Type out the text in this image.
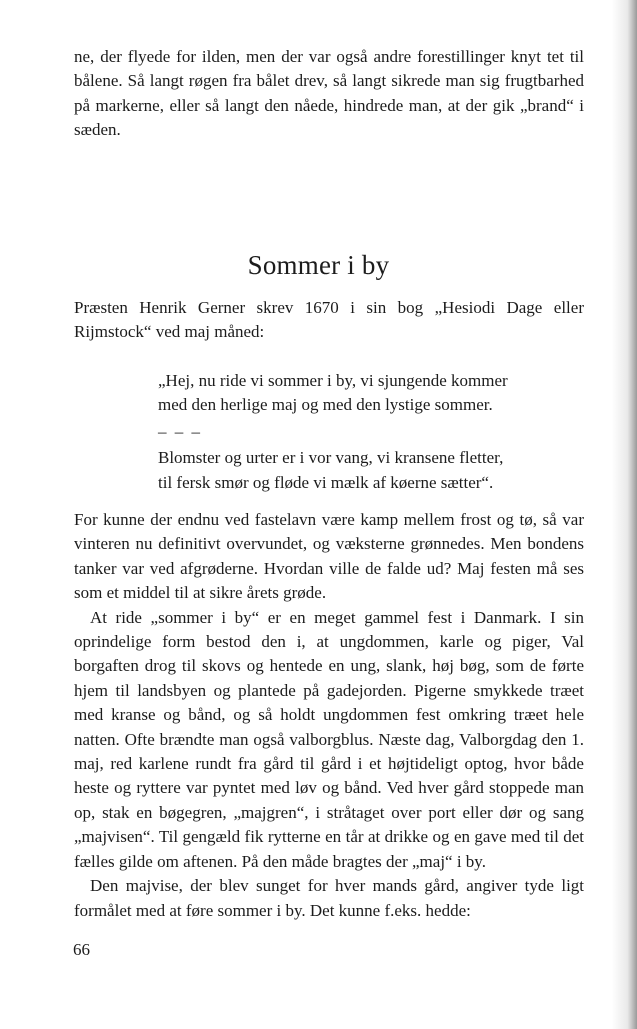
ne, der flyede for ilden, men der var også andre forestillinger knyt tet til bålene. Så langt røgen fra bålet drev, så langt sikrede man sig frugtbarhed på markerne, eller så langt den nåede, hindrede man, at der gik „brand“ i sæden.

Sommer i by

Præsten Henrik Gerner skrev 1670 i sin bog „Hesiodi Dage eller Rijmstock“ ved maj måned:

„Hej, nu ride vi sommer i by, vi sjungende kommer

med den herlige maj og med den lystige sommer.

– – –

Blomster og urter er i vor vang, vi kransene fletter,

til fersk smør og fløde vi mælk af køerne sætter“.

For kunne der endnu ved fastelavn være kamp mellem frost og tø, så var vinteren nu definitivt overvundet, og væksterne grønnedes. Men bondens tanker var ved afgrøderne. Hvordan ville de falde ud? Maj festen må ses som et middel til at sikre årets grøde.

At ride „sommer i by“ er en meget gammel fest i Danmark. I sin oprindelige form bestod den i, at ungdommen, karle og piger, Val borgaften drog til skovs og hentede en ung, slank, høj bøg, som de førte hjem til landsbyen og plantede på gadejorden. Pigerne smykkede træet med kranse og bånd, og så holdt ungdommen fest omkring træet hele natten. Ofte brændte man også valborgblus. Næste dag, Valborgdag den 1. maj, red karlene rundt fra gård til gård i et højtideligt optog, hvor både heste og ryttere var pyntet med løv og bånd. Ved hver gård stoppede man op, stak en bøgegren, „majgren“, i stråtaget over port eller dør og sang „majvisen“. Til gengæld fik rytterne en tår at drikke og en gave med til det fælles gilde om aftenen. På den måde bragtes der „maj“ i by.

Den majvise, der blev sunget for hver mands gård, angiver tyde ligt formålet med at føre sommer i by. Det kunne f.eks. hedde:

66
